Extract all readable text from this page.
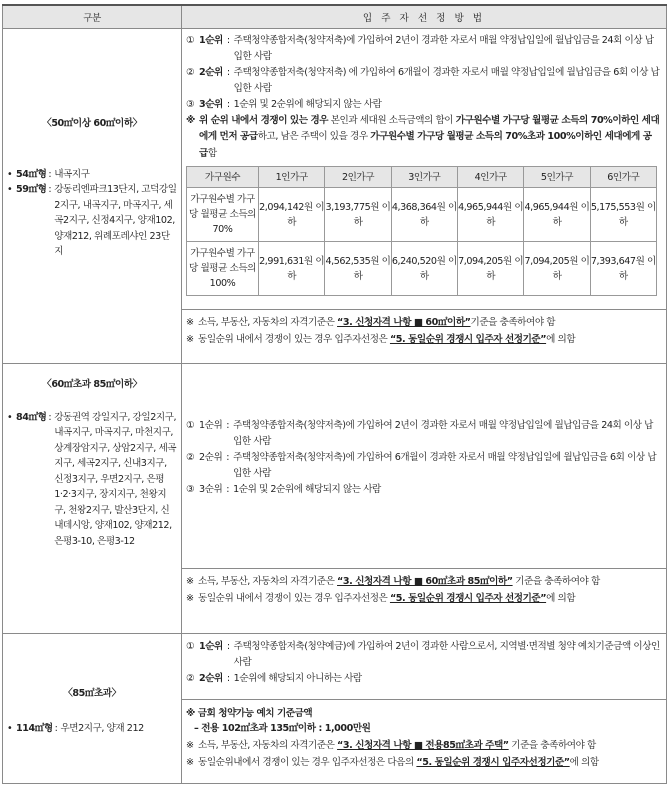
구분	입 주 자 선 정 방 법

〈50㎡이상 60㎡이하〉
• 54㎡형 : 내곡지구
• 59㎡형 : 강동리엔파크13단지, 고덕강일2지구, 내곡지구, 마곡지구, 세곡2지구, 신정4지구, 양재102, 양재212, 위례포레샤인 23단지

① 1순위 : 주택청약종합저축(청약저축)에 가입하여 2년이 경과한 자로서 매월 약정납입일에 월납입금을 24회 이상 납입한 사람
② 2순위 : 주택청약종합저축(청약저축) 에 가입하여 6개월이 경과한 자로서 매월 약정납입일에 월납입금을 6회 이상 납입한 사람
③ 3순위 : 1순위 및 2순위에 해당되지 않는 사람
※ 위 순위 내에서 경쟁이 있는 경우 본인과 세대원 소득금액의 합이 가구원수별 가구당 월평균 소득의 70%이하인 세대에게 먼저 공급하고, 남은 주택이 있을 경우 가구원수별 가구당 월평균 소득의 70%초과 100%이하인 세대에게 공급함
가구원수	1인가구	2인가구	3인가구	4인가구	5인가구	6인가구
가구원수별 가구당 월평균 소득의 70%	2,094,142원 이하	3,193,775원 이하	4,368,364원 이하	4,965,944원 이하	4,965,944원 이하	5,175,553원 이하
가구원수별 가구당 월평균 소득의 100%	2,991,631원 이하	4,562,535원 이하	6,240,520원 이하	7,094,205원 이하	7,094,205원 이하	7,393,647원 이하
※ 소득, 부동산, 자동차의 자격기준은 “3. 신청자격 나항 ■ 60㎡이하”기준을 충족하여야 함
※ 동일순위 내에서 경쟁이 있는 경우 입주자선정은 “5. 동일순위 경쟁시 입주자 선정기준”에 의함

〈60㎡초과 85㎡이하〉
• 84㎡형 : 강동권역 강일지구, 강일2지구, 내곡지구, 마곡지구, 마천지구, 상계장암지구, 상암2지구, 세곡지구, 세곡2지구, 신내3지구, 신정3지구, 우면2지구, 은평1·2·3지구, 장지지구, 천왕지구, 천왕2지구, 발산3단지, 신내데시앙, 양재102, 양재212, 은평3-10, 은평3-12

① 1순위 : 주택청약종합저축(청약저축)에 가입하여 2년이 경과한 자로서 매월 약정납입일에 월납입금을 24회 이상 납입한 사람
② 2순위 : 주택청약종합저축(청약저축)에 가입하여 6개월이 경과한 자로서 매월 약정납입일에 월납입금을 6회 이상 납입한 사람
③ 3순위 : 1순위 및 2순위에 해당되지 않는 사람
※ 소득, 부동산, 자동차의 자격기준은 “3. 신청자격 나항 ■ 60㎡초과 85㎡이하” 기준을 충족하여야 함
※ 동일순위 내에서 경쟁이 있는 경우 입주자선정은 “5. 동일순위 경쟁시 입주자 선정기준”에 의함

〈85㎡초과〉
• 114㎡형 : 우면2지구, 양재 212

① 1순위 : 주택청약종합저축(청약예금)에 가입하여 2년이 경과한 사람으로서, 지역별·면적별 청약 예치기준금액 이상인 사람
② 2순위 : 1순위에 해당되지 아니하는 사람
※ 금회 청약가능 예치 기준금액
– 전용 102㎡초과 135㎡이하 : 1,000만원
※ 소득, 부동산, 자동차의 자격기준은 “3. 신청자격 나항 ■ 전용85㎡초과 주택” 기준을 충족하여야 함
※ 동일순위내에서 경쟁이 있는 경우 입주자선정은 다음의 “5. 동일순위 경쟁시 입주자선정기준”에 의함
